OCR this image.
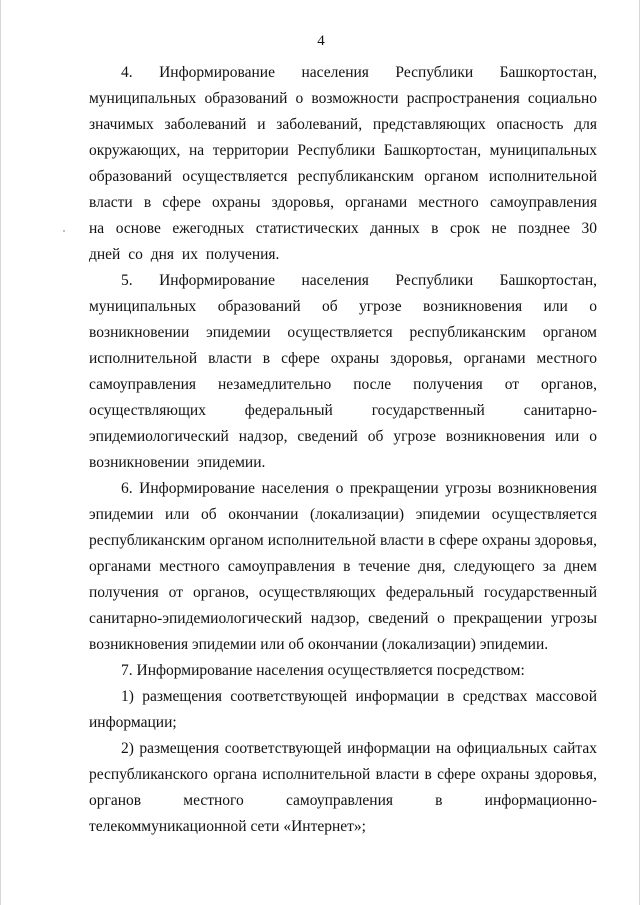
4

4. Информирование населения Республики Башкортостан, муниципальных образований о возможности распространения социально значимых заболеваний и заболеваний, представляющих опасность для окружающих, на территории Республики Башкортостан, муниципальных образований осуществляется республиканским органом исполнительной власти в сфере охраны здоровья, органами местного самоуправления на основе ежегодных статистических данных в срок не позднее 30 дней со дня их получения.

5. Информирование населения Республики Башкортостан, муниципальных образований об угрозе возникновения или о возникновении эпидемии осуществляется республиканским органом исполнительной власти в сфере охраны здоровья, органами местного самоуправления незамедлительно после получения от органов, осуществляющих федеральный государственный санитарно-эпидемиологический надзор, сведений об угрозе возникновения или о возникновении эпидемии.

6. Информирование населения о прекращении угрозы возникновения эпидемии или об окончании (локализации) эпидемии осуществляется республиканским органом исполнительной власти в сфере охраны здоровья, органами местного самоуправления в течение дня, следующего за днем получения от органов, осуществляющих федеральный государственный санитарно-эпидемиологический надзор, сведений о прекращении угрозы возникновения эпидемии или об окончании (локализации) эпидемии.

7. Информирование населения осуществляется посредством:

1) размещения соответствующей информации в средствах массовой информации;

2) размещения соответствующей информации на официальных сайтах республиканского органа исполнительной власти в сфере охраны здоровья, органов местного самоуправления в информационно-телекоммуникационной сети «Интернет»;
